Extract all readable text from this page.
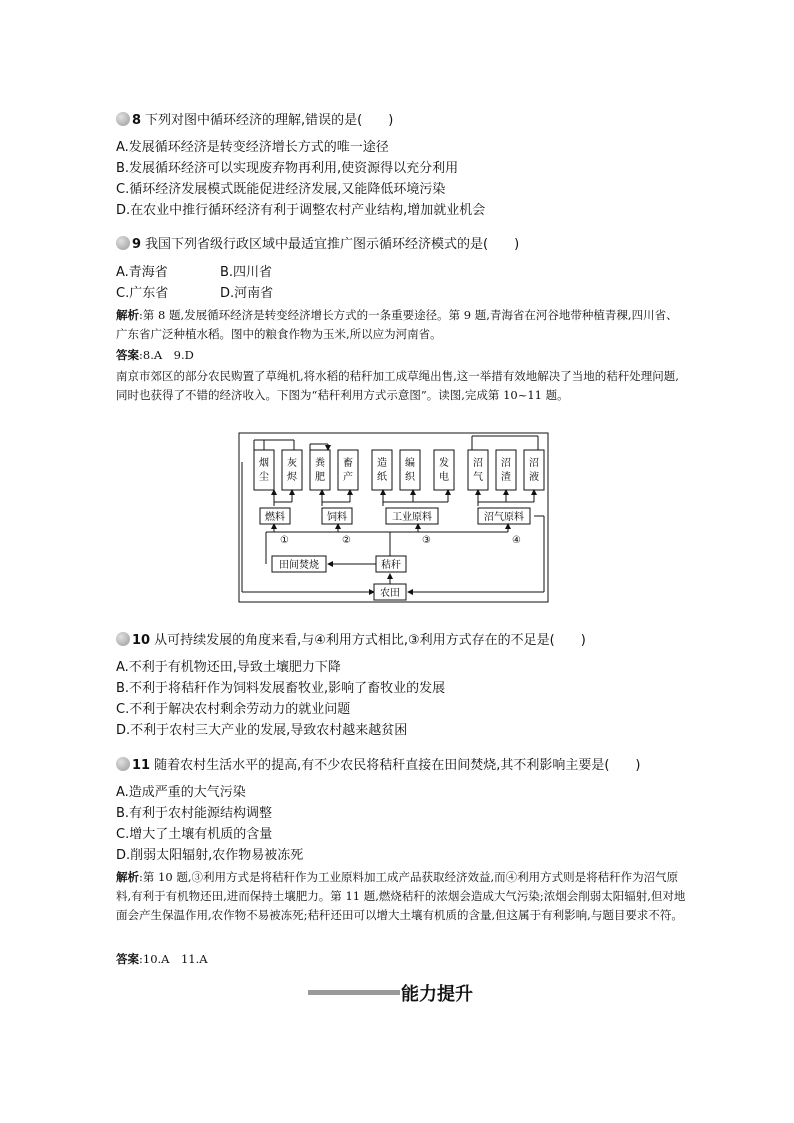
8 下列对图中循环经济的理解,错误的是(　　)
A.发展循环经济是转变经济增长方式的唯一途径
B.发展循环经济可以实现废弃物再利用,使资源得以充分利用
C.循环经济发展模式既能促进经济发展,又能降低环境污染
D.在农业中推行循环经济有利于调整农村产业结构,增加就业机会
9 我国下列省级行政区域中最适宜推广图示循环经济模式的是(　　)
A.青海省	B.四川省
C.广东省	D.河南省
解析:第 8 题,发展循环经济是转变经济增长方式的一条重要途径。第 9 题,青海省在河谷地带种植青稞,四川省、广东省广泛种植水稻。图中的粮食作物为玉米,所以应为河南省。
答案:8.A　9.D
南京市郊区的部分农民购置了草绳机,将水稻的秸秆加工成草绳出售,这一举措有效地解决了当地的秸秆处理问题,同时也获得了不错的经济收入。下图为“秸秆利用方式示意图”。读图,完成第 10~11 题。
烟
尘
灰
烬
粪
肥
畜
产
造
纸
编
织
发
电
沼
气
沼
渣
沼
液
燃料	饲料	工业原料	沼气原料
①	②	③	④
田间焚烧	秸秆
农田
10 从可持续发展的角度来看,与④利用方式相比,③利用方式存在的不足是(　　)
A.不利于有机物还田,导致土壤肥力下降
B.不利于将秸秆作为饲料发展畜牧业,影响了畜牧业的发展
C.不利于解决农村剩余劳动力的就业问题
D.不利于农村三大产业的发展,导致农村越来越贫困
11 随着农村生活水平的提高,有不少农民将秸秆直接在田间焚烧,其不利影响主要是(　　)
A.造成严重的大气污染
B.有利于农村能源结构调整
C.增大了土壤有机质的含量
D.削弱太阳辐射,农作物易被冻死
解析:第 10 题,③利用方式是将秸秆作为工业原料加工成产品获取经济效益,而④利用方式则是将秸秆作为沼气原料,有利于有机物还田,进而保持土壤肥力。第 11 题,燃烧秸秆的浓烟会造成大气污染;浓烟会削弱太阳辐射,但对地面会产生保温作用,农作物不易被冻死;秸秆还田可以增大土壤有机质的含量,但这属于有利影响,与题目要求不符。
答案:10.A　11.A
能力提升
